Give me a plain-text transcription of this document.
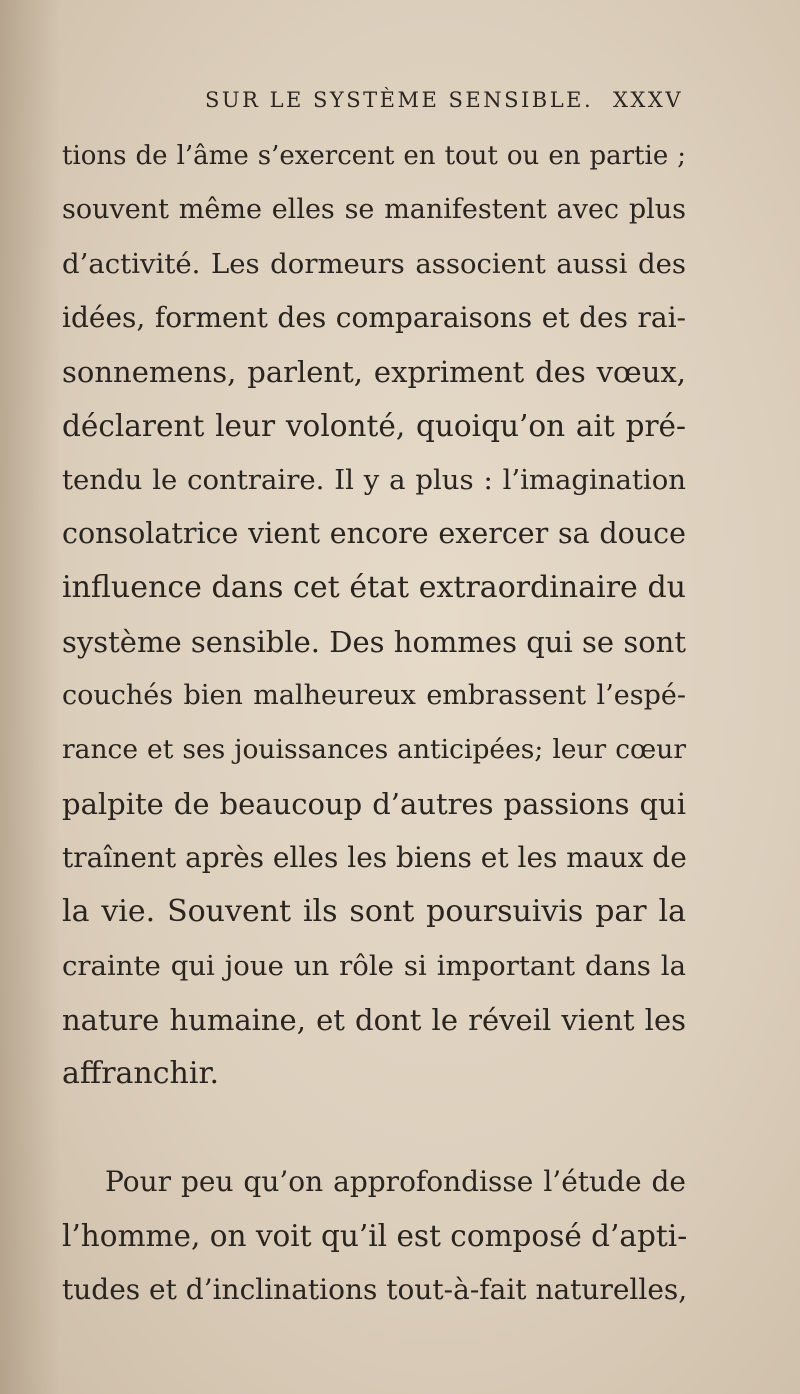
SUR LE SYSTÈME SENSIBLE. XXXV
tions de l’âme s’exercent en tout ou en partie ;
souvent même elles se manifestent avec plus
d’activité. Les dormeurs associent aussi des
idées, forment des comparaisons et des rai-
sonnemens, parlent, expriment des vœux,
déclarent leur volonté, quoiqu’on ait pré-
tendu le contraire. Il y a plus : l’imagination
consolatrice vient encore exercer sa douce
influence dans cet état extraordinaire du
système sensible. Des hommes qui se sont
couchés bien malheureux embrassent l’espé-
rance et ses jouissances anticipées; leur cœur
palpite de beaucoup d’autres passions qui
traînent après elles les biens et les maux de
la vie. Souvent ils sont poursuivis par la
crainte qui joue un rôle si important dans la
nature humaine, et dont le réveil vient les
affranchir.
Pour peu qu’on approfondisse l’étude de
l’homme, on voit qu’il est composé d’apti-
tudes et d’inclinations tout-à-fait naturelles,
